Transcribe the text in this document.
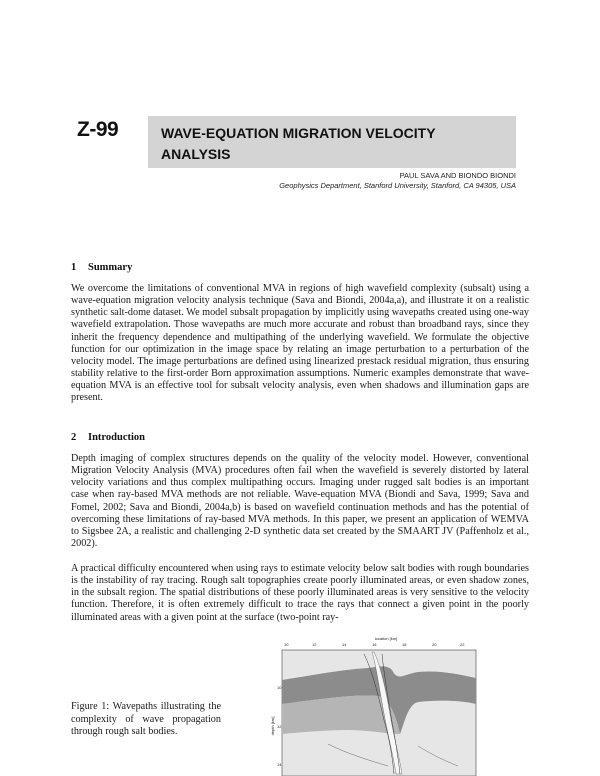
Z-99	WAVE-EQUATION MIGRATION VELOCITY ANALYSIS
PAUL SAVA AND BIONDO BIONDI
Geophysics Department, Stanford University, Stanford, CA 94305, USA
1 Summary

We overcome the limitations of conventional MVA in regions of high wavefield complexity (subsalt) using a wave-equation migration velocity analysis technique (Sava and Biondi, 2004a,a), and illustrate it on a realistic synthetic salt-dome dataset. We model subsalt propagation by implicitly using wavepaths created using one-way wavefield extrapolation. Those wavepaths are much more accurate and robust than broadband rays, since they inherit the frequency dependence and multipathing of the underlying wavefield. We formulate the objective function for our optimization in the image space by relating an image perturbation to a perturbation of the velocity model. The image perturbations are defined using linearized prestack residual migration, thus ensuring stability relative to the first-order Born approximation assumptions. Numeric examples demonstrate that wave-equation MVA is an effective tool for subsalt velocity analysis, even when shadows and illumination gaps are present.

2 Introduction

Depth imaging of complex structures depends on the quality of the velocity model. However, conventional Migration Velocity Analysis (MVA) procedures often fail when the wavefield is severely distorted by lateral velocity variations and thus complex multipathing occurs. Imaging under rugged salt bodies is an important case when ray-based MVA methods are not reliable. Wave-equation MVA (Biondi and Sava, 1999; Sava and Fomel, 2002; Sava and Biondi, 2004a,b) is based on wavefield continuation methods and has the potential of overcoming these limitations of ray-based MVA methods. In this paper, we present an application of WEMVA to Sigsbee 2A, a realistic and challenging 2-D synthetic data set created by the SMAART JV (Paffenholz et al., 2002).

A practical difficulty encountered when using rays to estimate velocity below salt bodies with rough boundaries is the instability of ray tracing. Rough salt topographies create poorly illuminated areas, or even shadow zones, in the subsalt region. The spatial distributions of these poorly illuminated areas is very sensitive to the velocity function. Therefore, it is often extremely difficult to trace the rays that connect a given point in the poorly illuminated areas with a given point at the surface (two-point ray-

Figure 1: Wavepaths illustrating the complexity of wave propagation through rough salt bodies.

location [km]
10	12	14	16	18	20	22
depth [km]
10
12
14
